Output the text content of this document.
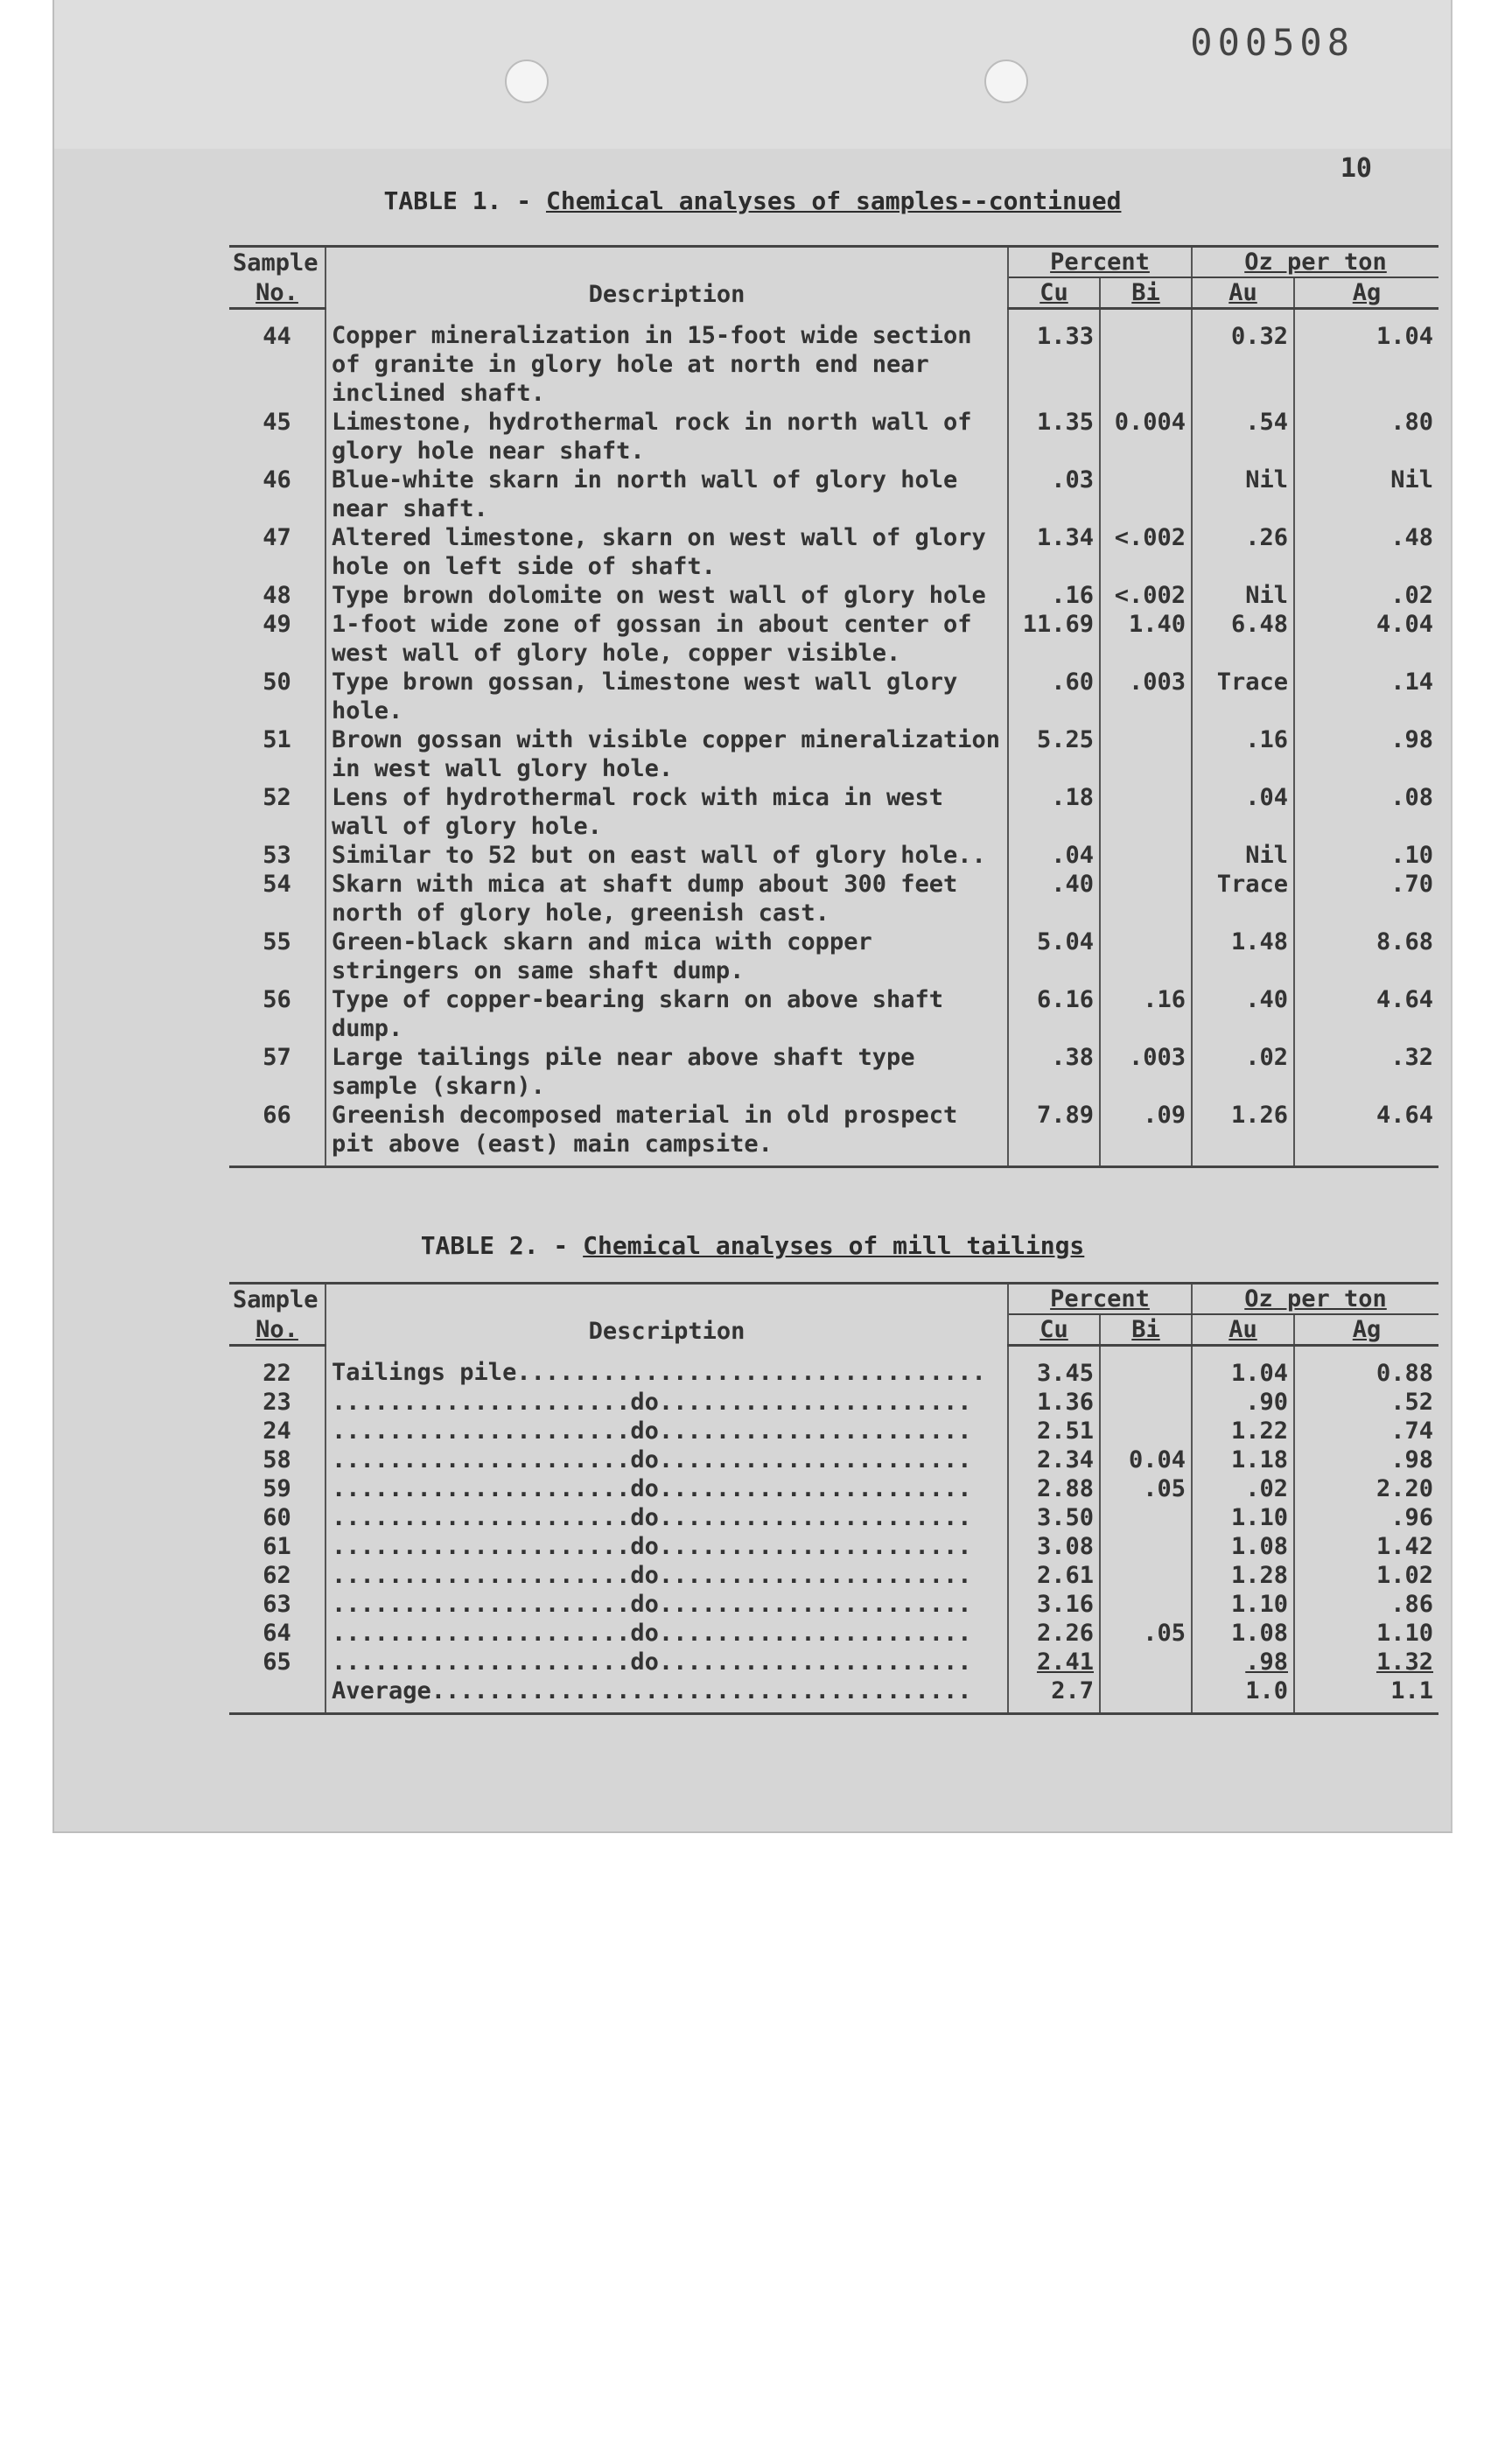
000508
10
TABLE 1. - Chemical analyses of samples--continued
Sample	Description	Percent		Oz per ton	
No.		Cu	Bi	Au	Ag
44	Copper mineralization in 15-foot wide section of granite in glory hole at north end near inclined shaft.	1.33		0.32	1.04
45	Limestone, hydrothermal rock in north wall of glory hole near shaft.	1.35	0.004	.54	.80
46	Blue-white skarn in north wall of glory hole near shaft.	.03		Nil	Nil
47	Altered limestone, skarn on west wall of glory hole on left side of shaft.	1.34	<.002	.26	.48
48	Type brown dolomite on west wall of glory hole	.16	<.002	Nil	.02
49	1-foot wide zone of gossan in about center of west wall of glory hole, copper visible.	11.69	1.40	6.48	4.04
50	Type brown gossan, limestone west wall glory hole.	.60	.003	Trace	.14
51	Brown gossan with visible copper mineralization in west wall glory hole.	5.25		.16	.98
52	Lens of hydrothermal rock with mica in west wall of glory hole.	.18		.04	.08
53	Similar to 52 but on east wall of glory hole..	.04		Nil	.10
54	Skarn with mica at shaft dump about 300 feet north of glory hole, greenish cast.	.40		Trace	.70
55	Green-black skarn and mica with copper stringers on same shaft dump.	5.04		1.48	8.68
56	Type of copper-bearing skarn on above shaft dump.	6.16	.16	.40	4.64
57	Large tailings pile near above shaft type sample (skarn).	.38	.003	.02	.32
66	Greenish decomposed material in old prospect pit above (east) main campsite.	7.89	.09	1.26	4.64
TABLE 2. - Chemical analyses of mill tailings
Sample	Description	Percent		Oz per ton	
No.		Cu	Bi	Au	Ag
22	Tailings pile.................................	3.45		1.04	0.88
23	.....................do......................	1.36		.90	.52
24	.....................do......................	2.51		1.22	.74
58	.....................do......................	2.34	0.04	1.18	.98
59	.....................do......................	2.88	.05	.02	2.20
60	.....................do......................	3.50		1.10	.96
61	.....................do......................	3.08		1.08	1.42
62	.....................do......................	2.61		1.28	1.02
63	.....................do......................	3.16		1.10	.86
64	.....................do......................	2.26	.05	1.08	1.10
65	.....................do......................	2.41		.98	1.32
	Average......................................	2.7		1.0	1.1
